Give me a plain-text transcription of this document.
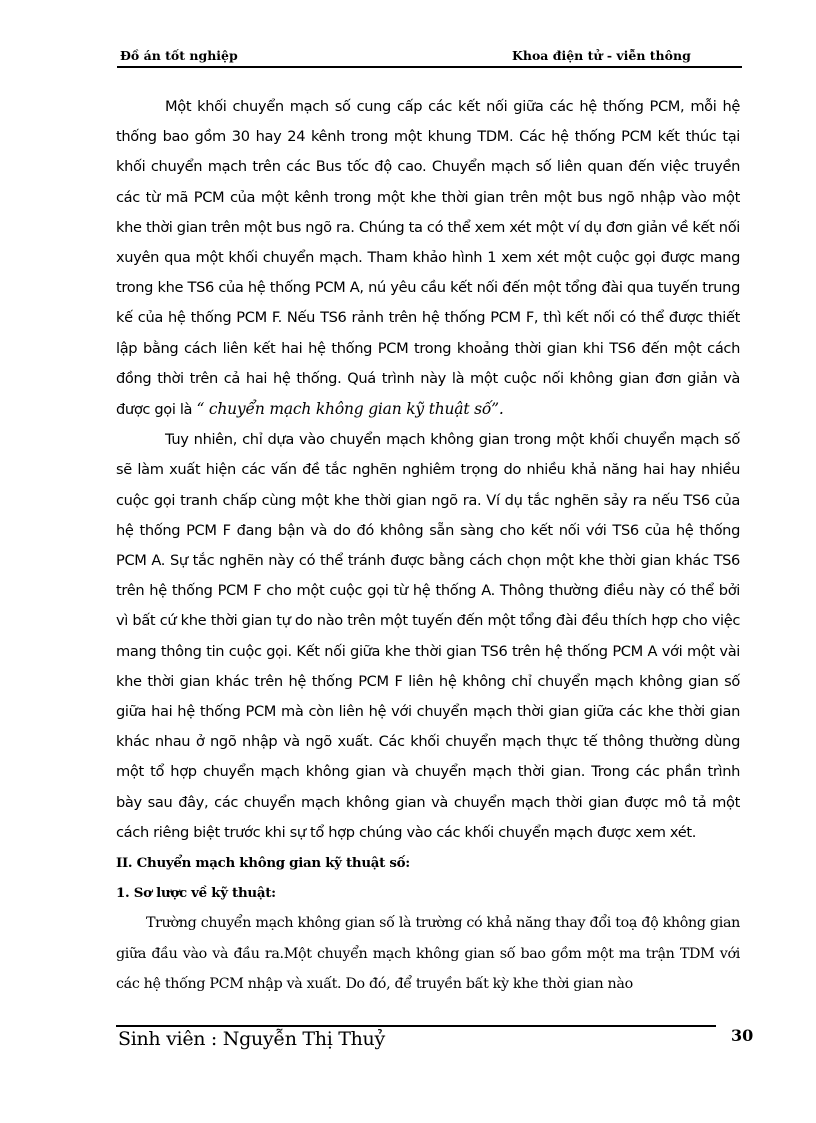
Đồ án tốt nghiệp	Khoa điện tử - viễn thông

Một khối chuyển mạch số cung cấp các kết nối giữa các hệ thống PCM, mỗi hệ thống bao gồm 30 hay 24 kênh trong một khung TDM. Các hệ thống PCM kết thúc tại khối chuyển mạch trên các Bus tốc độ cao. Chuyển mạch số liên quan đến việc truyền các từ mã PCM của một kênh trong một khe thời gian trên một bus ngõ nhập vào một khe thời gian trên một bus ngõ ra. Chúng ta có thể xem xét một ví dụ đơn giản về kết nối xuyên qua một khối chuyển mạch. Tham khảo hình 1 xem xét một cuộc gọi được mang trong khe TS6 của hệ thống PCM A, nú yêu cầu kết nối đến một tổng đài qua tuyến trung kế của hệ thống PCM F. Nếu TS6 rảnh trên hệ thống PCM F, thì kết nối có thể được thiết lập bằng cách liên kết hai hệ thống PCM trong khoảng thời gian khi TS6 đến một cách đồng thời trên cả hai hệ thống. Quá trình này là một cuộc nối không gian đơn giản và được gọi là “ chuyển mạch không gian kỹ thuật số”.

Tuy nhiên, chỉ dựa vào chuyển mạch không gian trong một khối chuyển mạch số sẽ làm xuất hiện các vấn đề tắc nghẽn nghiêm trọng do nhiều khả năng hai hay nhiều cuộc gọi tranh chấp cùng một khe thời gian ngõ ra. Ví dụ tắc nghẽn sảy ra nếu TS6 của hệ thống PCM F đang bận và do đó không sẵn sàng cho kết nối với TS6 của hệ thống PCM A. Sự tắc nghẽn này có thể tránh được bằng cách chọn một khe thời gian khác TS6 trên hệ thống PCM F cho một cuộc gọi từ hệ thống A. Thông thường điều này có thể bởi vì bất cứ khe thời gian tự do nào trên một tuyến đến một tổng đài đều thích hợp cho việc mang thông tin cuộc gọi. Kết nối giữa khe thời gian TS6 trên hệ thống PCM A với một vài khe thời gian khác trên hệ thống PCM F liên hệ không chỉ chuyển mạch không gian số giữa hai hệ thống PCM mà còn liên hệ với chuyển mạch thời gian giữa các khe thời gian khác nhau ở ngõ nhập và ngõ xuất. Các khối chuyển mạch thực tế thông thường dùng một tổ hợp chuyển mạch không gian và chuyển mạch thời gian. Trong các phần trình bày sau đây, các chuyển mạch không gian và chuyển mạch thời gian được mô tả một cách riêng biệt trước khi sự tổ hợp chúng vào các khối chuyển mạch được xem xét.

II. Chuyển mạch không gian kỹ thuật số:
1. Sơ lược về kỹ thuật:

Trường chuyển mạch không gian số là trường có khả năng thay đổi toạ độ không gian giữa đầu vào và đầu ra.Một chuyển mạch không gian số bao gồm một ma trận TDM với các hệ thống PCM nhập và xuất. Do đó, để truyền bất kỳ khe thời gian nào

Sinh viên : Nguyễn Thị Thuỷ	30
